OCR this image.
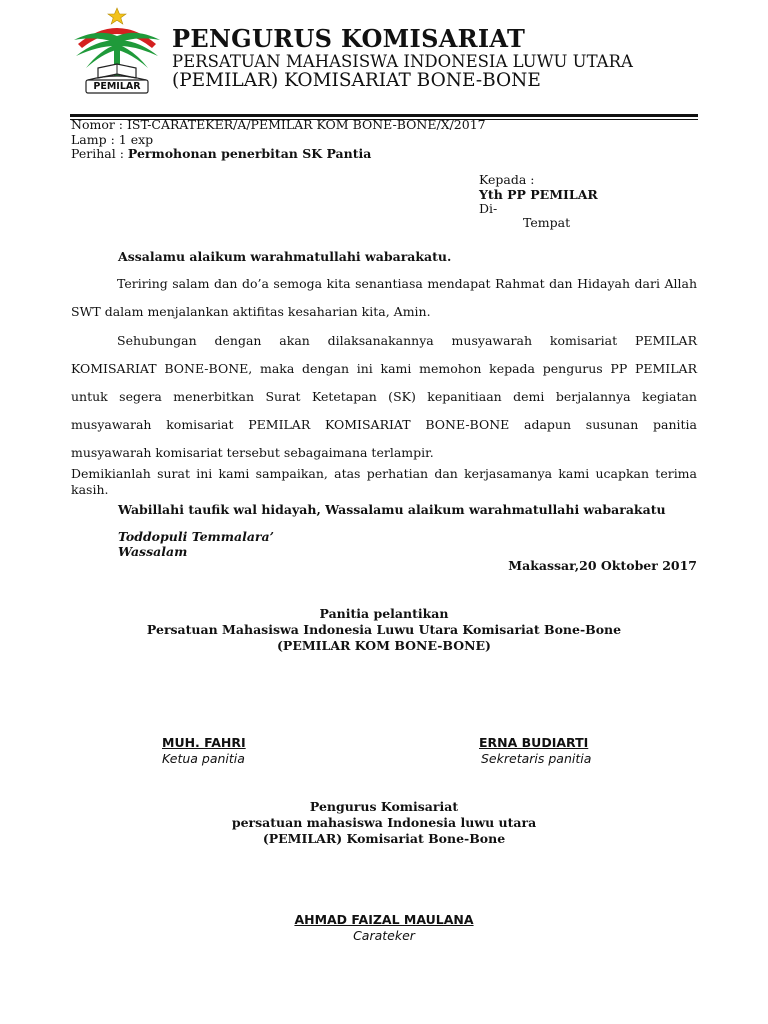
PEMILAR
PENGURUS KOMISARIAT
PERSATUAN MAHASISWA INDONESIA LUWU UTARA
(PEMILAR) KOMISARIAT BONE-BONE
Nomor : IST-CARATEKER/A/PEMILAR KOM BONE-BONE/X/2017
Lamp : 1 exp
Perihal : Permohonan penerbitan SK Pantia
Kepada :
Yth PP PEMILAR
Di-
Tempat
Assalamu alaikum warahmatullahi wabarakatu.
Teriring salam dan do’a semoga kita senantiasa mendapat Rahmat dan Hidayah dari Allah SWT dalam menjalankan aktifitas kesaharian kita, Amin.
Sehubungan dengan akan dilaksanakannya musyawarah komisariat PEMILAR KOMISARIAT BONE-BONE, maka dengan ini kami memohon kepada pengurus PP PEMILAR untuk segera menerbitkan Surat Ketetapan (SK) kepanitiaan demi berjalannya kegiatan musyawarah komisariat PEMILAR KOMISARIAT BONE-BONE adapun susunan panitia musyawarah komisariat tersebut sebagaimana terlampir.
Demikianlah surat ini kami sampaikan, atas perhatian dan kerjasamanya kami ucapkan terima kasih.
Wabillahi taufik wal hidayah, Wassalamu alaikum warahmatullahi wabarakatu
Toddopuli Temmalara’
Wassalam
Makassar,20 Oktober 2017
Panitia pelantikan
Persatuan Mahasiswa Indonesia Luwu Utara Komisariat Bone-Bone
(PEMILAR KOM BONE-BONE)
MUH. FAHRI
Ketua panitia
ERNA BUDIARTI
Sekretaris panitia
Pengurus Komisariat
persatuan mahasiswa Indonesia luwu utara
(PEMILAR) Komisariat Bone-Bone
AHMAD FAIZAL MAULANA
Carateker
